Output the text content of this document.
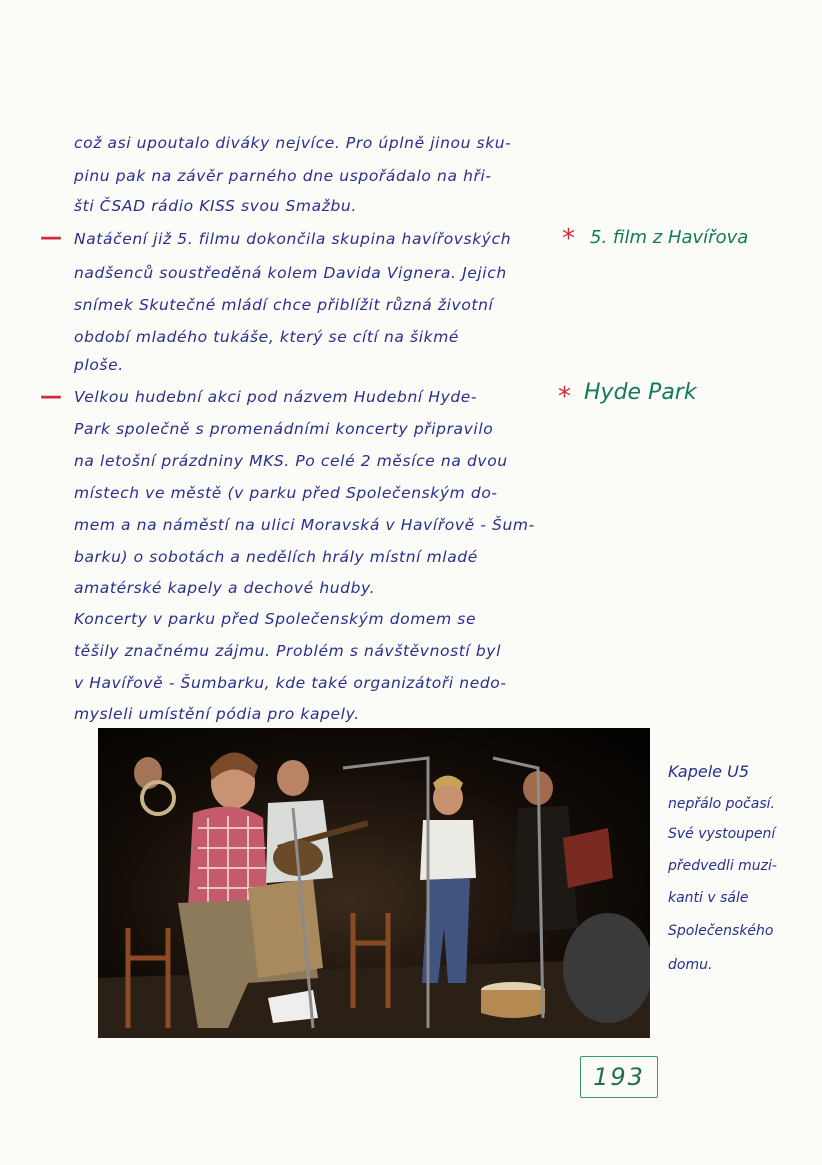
což asi upoutalo diváky nejvíce. Pro úplně jinou sku-
pinu pak na závěr parného dne uspořádalo na hři-
šti ČSAD rádio KISS svou Smažbu.
— Natáčení již 5. filmu dokončila skupina havířovských * 5. film z Havířova
nadšenců soustředěná kolem Davida Vignera. Jejich
snímek Skutečné mládí chce přiblížit různá životní
období mladého tukáše, který se cítí na šikmé
ploše.
— Velkou hudební akci pod názvem Hudební Hyde-	* Hyde Park
Park společně s promenádními koncerty připravilo
na letošní prázdniny MKS. Po celé 2 měsíce na dvou
místech ve městě (v parku před Společenským do-
mem a na náměstí na ulici Moravská v Havířově - Šum-
barku) o sobotách a nedělích hrály místní mladé
amatérské kapely a dechové hudby.
Koncerty v parku před Společenským domem se
těšily značnému zájmu. Problém s návštěvností byl
v Havířově - Šumbarku, kde také organizátoři nedo-
mysleli umístění pódia pro kapely.
Kapele U5
nepřálo počasí.
Své vystoupení
předvedli muzi-
kanti v sále
Společenského
domu.
193
